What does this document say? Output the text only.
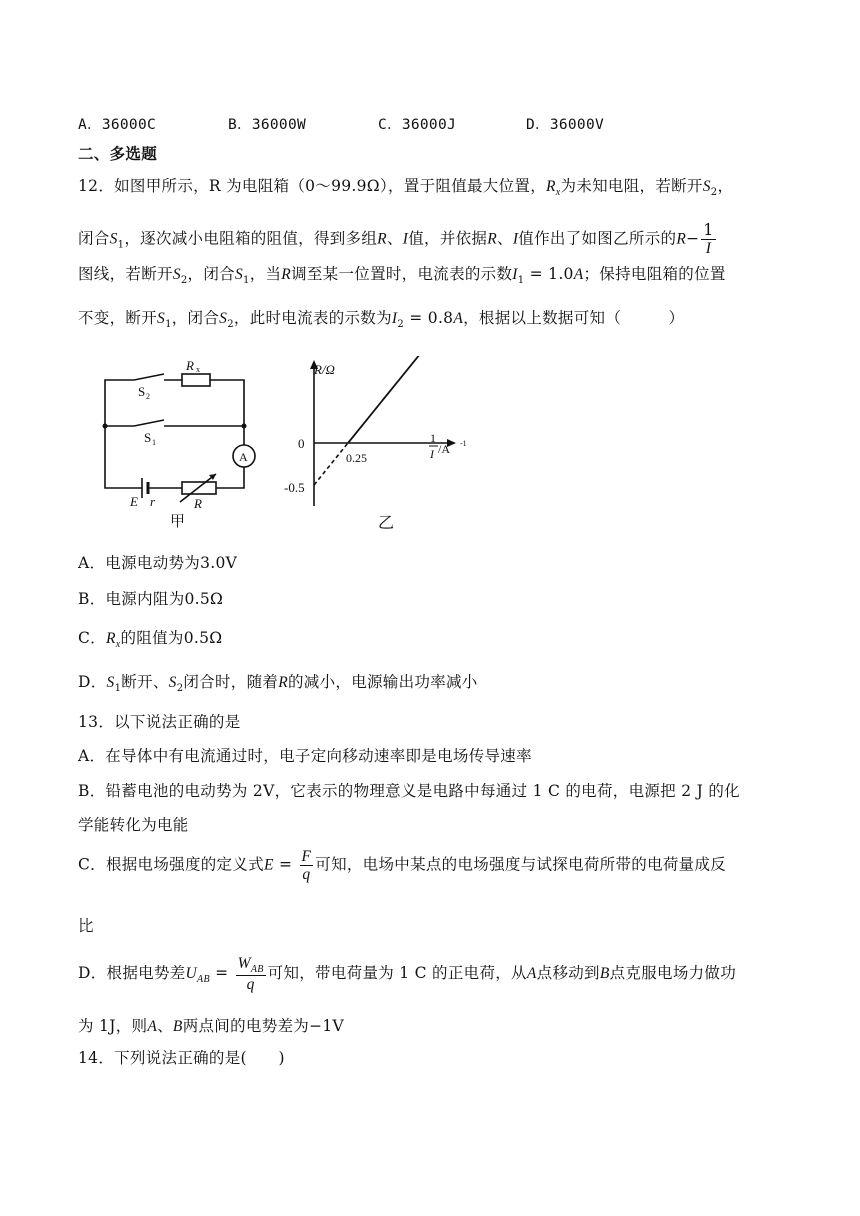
A．36000C	B．36000W	C．36000J	D．36000V
二、多选题
12．如图甲所示，R 为电阻箱（0～99.9Ω），置于阻值最大位置，$R_x$为未知电阻，若断开$S_2$，
闭合$S_1$，逐次减小电阻箱的阻值，得到多组R、I值，并依据R、I值作出了如图乙所示的$R- \frac{1}{I}$
图线，若断开$S_2$，闭合$S_1$，当R调至某一位置时，电流表的示数$I_1 = 1.0A$；保持电阻箱的位置
不变，断开$S_1$，闭合$S_2$，此时电流表的示数为$I_2 = 0.8A$，根据以上数据可知（　　　）
R x
S 2
S 1
A
E r	R
甲
R/Ω
0
-0.5
0.25
1
I /A -1
乙
A．电源电动势为3.0V
B．电源内阻为0.5Ω
C．$R_x$的阻值为0.5Ω
D．$S_1$断开、$S_2$闭合时，随着R的减小，电源输出功率减小
13．以下说法正确的是
A．在导体中有电流通过时，电子定向移动速率即是电场传导速率
B．铅蓄电池的电动势为 2V，它表示的物理意义是电路中每通过 1 C 的电荷，电源把 2 J 的化
学能转化为电能
C．根据电场强度的定义式$E = \frac{F}{q}$ 可知，电场中某点的电场强度与试探电荷所带的电荷量成反
比
D．根据电势差$U_{AB} = \frac{W_{AB}}{q}$ 可知，带电荷量为 1 C 的正电荷，从A点移动到B点克服电场力做功
为 1J，则A、B两点间的电势差为−1V
14．下列说法正确的是(　　)
